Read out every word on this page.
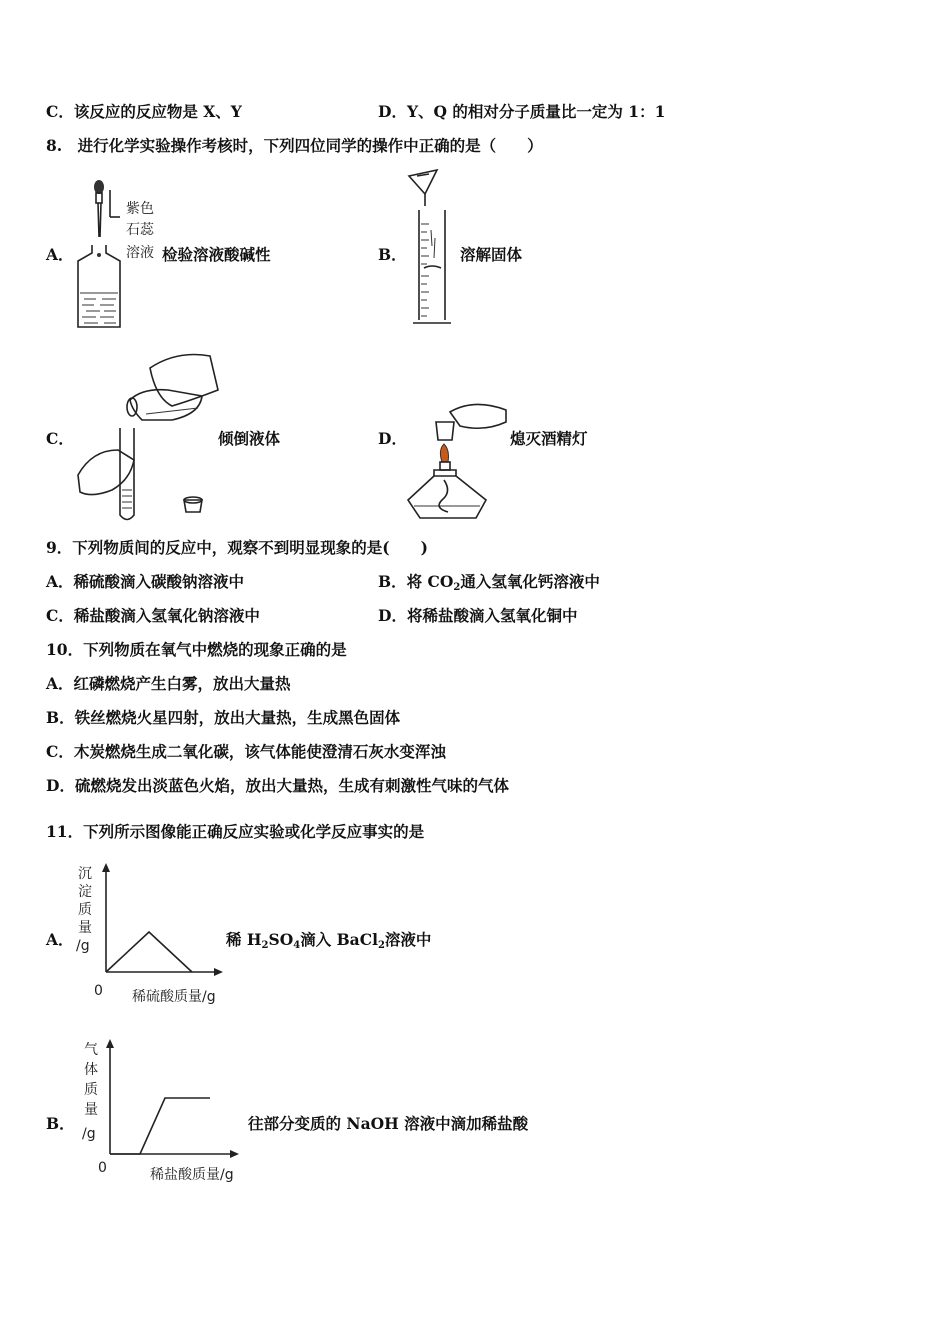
C．该反应的反应物是 X、Y	D．Y、Q 的相对分子质量比一定为 1：1
8.　进行化学实验操作考核时，下列四位同学的操作中正确的是（　　）
A．
紫色
石蕊
溶液 检验溶液酸碱性	B．	溶解固体
C．	倾倒液体	D．	熄灭酒精灯
9．下列物质间的反应中，观察不到明显现象的是(　　)
A．稀硫酸滴入碳酸钠溶液中	B．将 $CO_2$通入氢氧化钙溶液中
C．稀盐酸滴入氢氧化钠溶液中	D．将稀盐酸滴入氢氧化铜中
10．下列物质在氧气中燃烧的现象正确的是
A．红磷燃烧产生白雾，放出大量热
B．铁丝燃烧火星四射，放出大量热，生成黑色固体
C．木炭燃烧生成二氧化碳，该气体能使澄清石灰水变浑浊
D．硫燃烧发出淡蓝色火焰，放出大量热，生成有刺激性气味的气体
11．下列所示图像能正确反应实验或化学反应事实的是
A．
沉
淀
质
量
/g
0 稀硫酸质量/g
稀 $H_2SO_4$滴入 BaCl$_2$溶液中
B．
气
体
质
量
/g
0	稀盐酸质量/g
往部分变质的 NaOH 溶液中滴加稀盐酸
